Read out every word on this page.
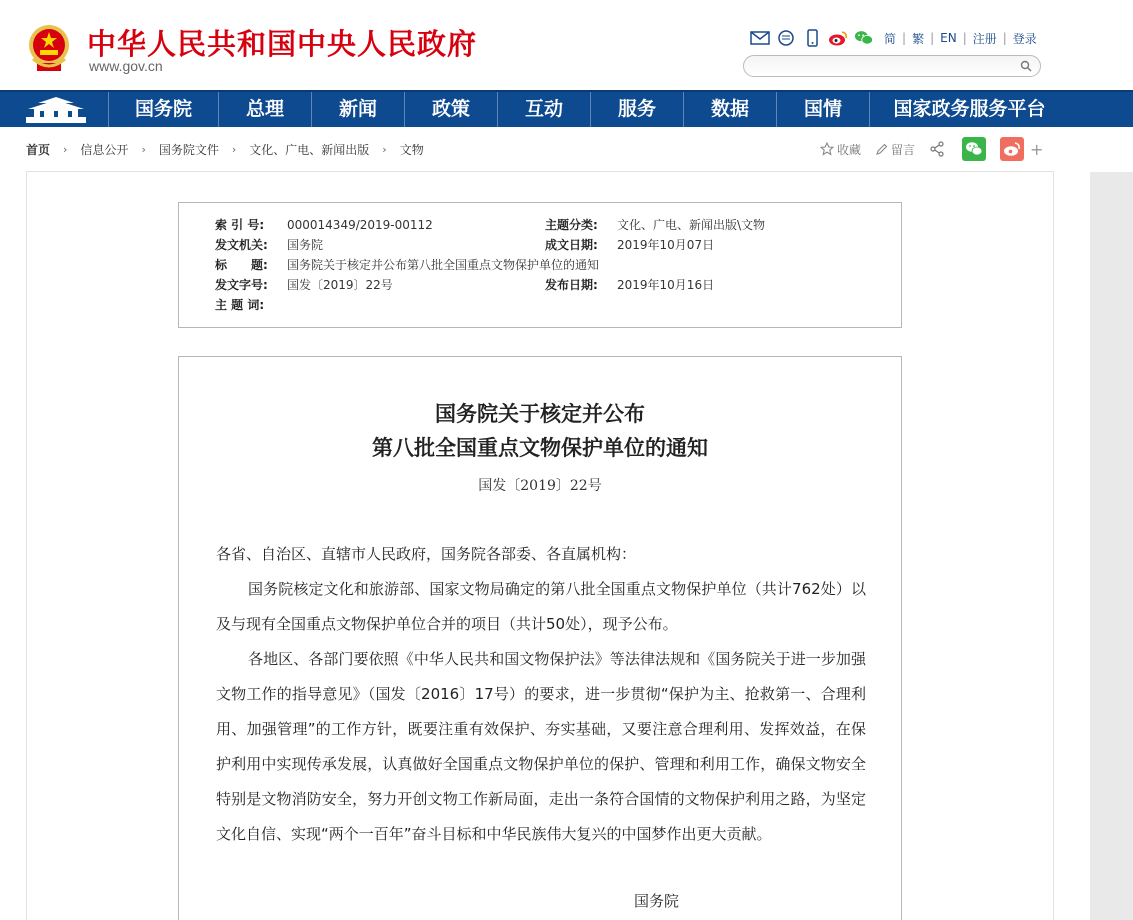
中华人民共和国中央人民政府
www.gov.cn
简 | 繁 | EN | 注册 | 登录
国务院	总理	新闻	政策	互动	服务	数据	国情	国家政务服务平台
首页 › 信息公开 › 国务院文件 › 文化、广电、新闻出版 › 文物	收藏	留言	+
索 引 号: 000014349/2019-00112	主题分类: 文化、广电、新闻出版\文物
发文机关: 国务院	成文日期: 2019年10月07日
标　　题: 国务院关于核定并公布第八批全国重点文物保护单位的通知
发文字号: 国发〔2019〕22号	发布日期: 2019年10月16日
主 题 词:
国务院关于核定并公布
第八批全国重点文物保护单位的通知
国发〔2019〕22号

各省、自治区、直辖市人民政府，国务院各部委、各直属机构：

国务院核定文化和旅游部、国家文物局确定的第八批全国重点文物保护单位（共计762处）以及与现有全国重点文物保护单位合并的项目（共计50处），现予公布。

各地区、各部门要依照《中华人民共和国文物保护法》等法律法规和《国务院关于进一步加强文物工作的指导意见》（国发〔2016〕17号）的要求，进一步贯彻“保护为主、抢救第一、合理利用、加强管理”的工作方针，既要注重有效保护、夯实基础，又要注意合理利用、发挥效益，在保护利用中实现传承发展，认真做好全国重点文物保护单位的保护、管理和利用工作，确保文物安全特别是文物消防安全，努力开创文物工作新局面，走出一条符合国情的文物保护利用之路，为坚定文化自信、实现“两个一百年”奋斗目标和中华民族伟大复兴的中国梦作出更大贡献。

国务院
